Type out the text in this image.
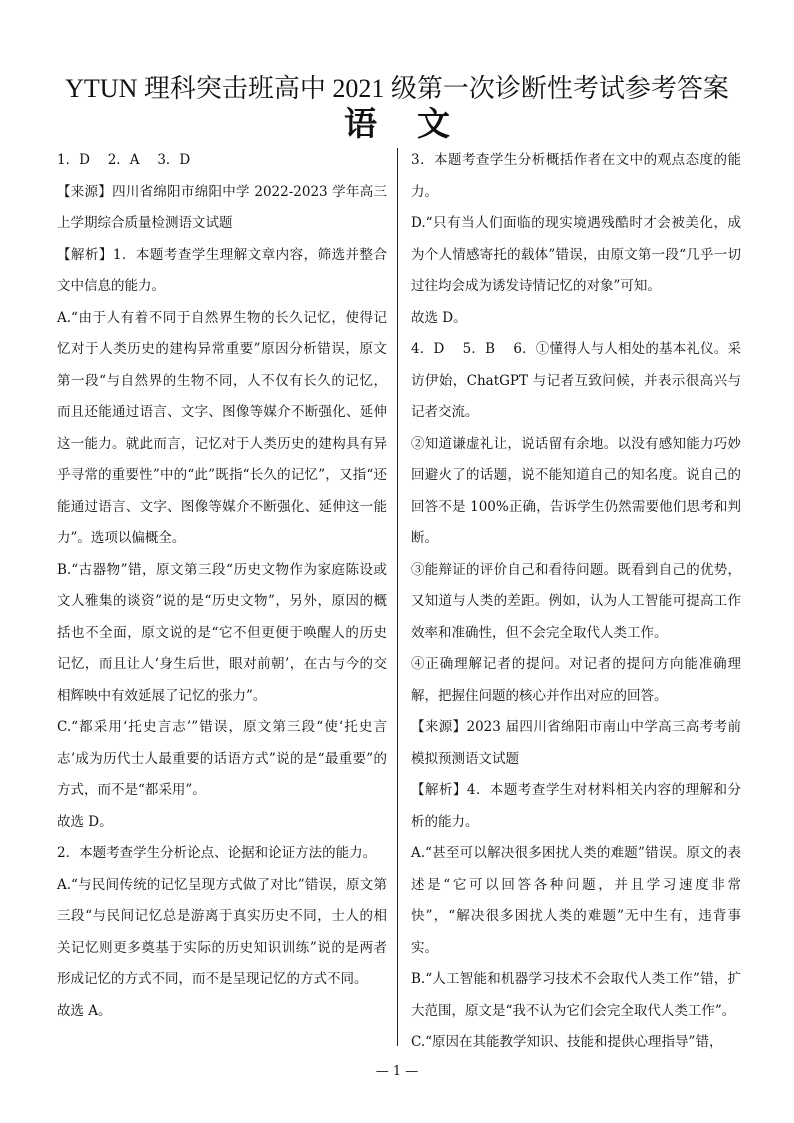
YTUN 理科突击班高中 2021 级第一次诊断性考试参考答案
语文

1．D　 2．A　 3．D

【来源】四川省绵阳市绵阳中学 2022-2023 学年高三上学期综合质量检测语文试题

【解析】1．本题考查学生理解文章内容，筛选并整合文中信息的能力。

A.“由于人有着不同于自然界生物的长久记忆，使得记忆对于人类历史的建构异常重要”原因分析错误，原文第一段“与自然界的生物不同，人不仅有长久的记忆，而且还能通过语言、文字、图像等媒介不断强化、延伸这一能力。就此而言，记忆对于人类历史的建构具有异乎寻常的重要性”中的“此”既指“长久的记忆”，又指“还能通过语言、文字、图像等媒介不断强化、延伸这一能力”。选项以偏概全。

B.“古器物”错，原文第三段“历史文物作为家庭陈设或文人雅集的谈资”说的是“历史文物”，另外，原因的概括也不全面，原文说的是“它不但更便于唤醒人的历史记忆，而且让人‘身生后世，眼对前朝’，在古与今的交相辉映中有效延展了记忆的张力”。

C.“都采用‘托史言志’”错误，原文第三段“使‘托史言志’成为历代士人最重要的话语方式”说的是“最重要”的方式，而不是“都采用”。

故选 D。

2．本题考查学生分析论点、论据和论证方法的能力。

A.“与民间传统的记忆呈现方式做了对比”错误，原文第三段“与民间记忆总是游离于真实历史不同，士人的相关记忆则更多奠基于实际的历史知识训练”说的是两者形成记忆的方式不同，而不是呈现记忆的方式不同。

故选 A。

3．本题考查学生分析概括作者在文中的观点态度的能力。

D.“只有当人们面临的现实境遇残酷时才会被美化，成为个人情感寄托的载体”错误，由原文第一段“几乎一切过往均会成为诱发诗情记忆的对象”可知。

故选 D。

4．D　 5．B　 6．①懂得人与人相处的基本礼仪。采访伊始，ChatGPT 与记者互致问候，并表示很高兴与记者交流。

②知道谦虚礼让，说话留有余地。以没有感知能力巧妙回避火了的话题，说不能知道自己的知名度。说自己的回答不是 100%正确，告诉学生仍然需要他们思考和判断。

③能辩证的评价自己和看待问题。既看到自己的优势，又知道与人类的差距。例如，认为人工智能可提高工作效率和准确性，但不会完全取代人类工作。

④正确理解记者的提问。对记者的提问方向能准确理解，把握住问题的核心并作出对应的回答。

【来源】2023 届四川省绵阳市南山中学高三高考考前模拟预测语文试题

【解析】4．本题考查学生对材料相关内容的理解和分析的能力。

A.“甚至可以解决很多困扰人类的难题”错误。原文的表述是“它可以回答各种问题，并且学习速度非常快”，“解决很多困扰人类的难题”无中生有，违背事实。

B.“人工智能和机器学习技术不会取代人类工作”错，扩大范围，原文是“我不认为它们会完全取代人类工作”。

C.“原因在其能教学知识、技能和提供心理指导”错，

— 1 —
